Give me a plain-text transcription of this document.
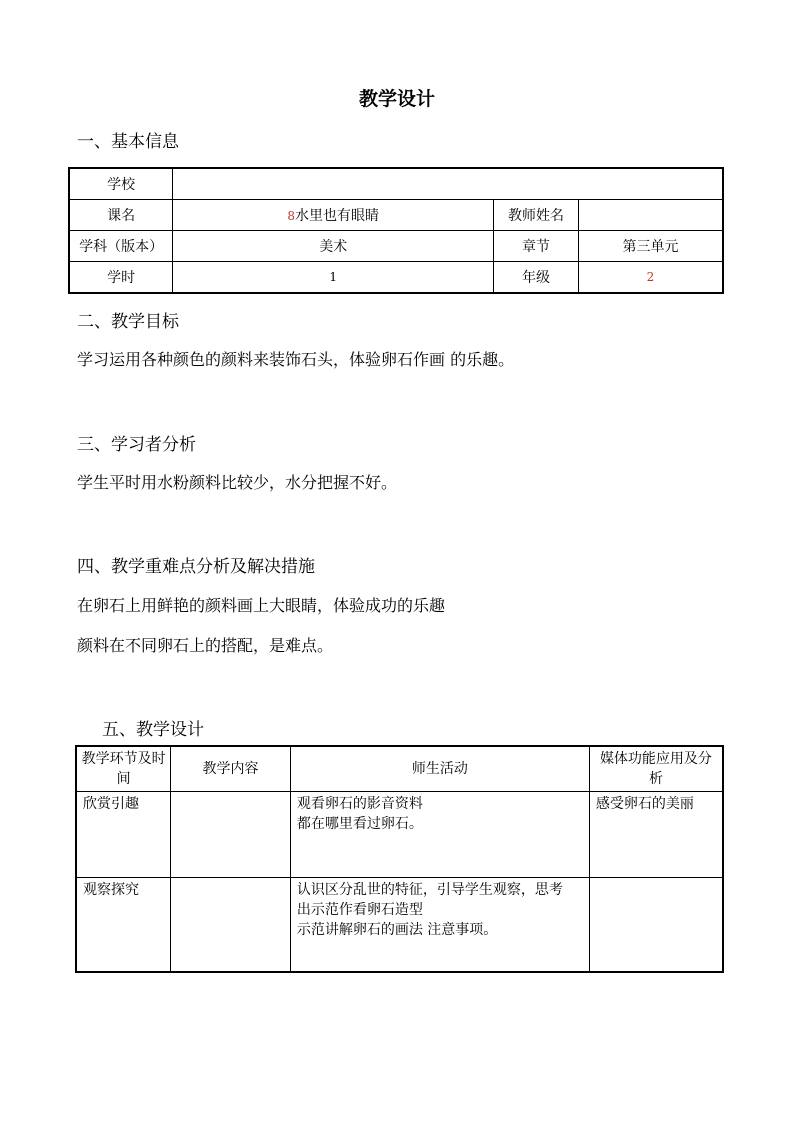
教学设计
一、基本信息
学校			
课名	8水里也有眼睛	教师姓名	
学科（版本）	美术	章节	第三单元
学时	1	年级	2
二、教学目标
学习运用各种颜色的颜料来装饰石头，体验卵石作画 的乐趣。
三、学习者分析
学生平时用水粉颜料比较少，水分把握不好。
四、教学重难点分析及解决措施
在卵石上用鲜艳的颜料画上大眼睛，体验成功的乐趣
颜料在不同卵石上的搭配，是难点。
五、教学设计
教学环节及时间	教学内容	师生活动	媒体功能应用及分析
欣赏引趣		观看卵石的影音资料
都在哪里看过卵石。	感受卵石的美丽
观察探究		认识区分乱世的特征，引导学生观察，思考
出示范作看卵石造型
示范讲解卵石的画法 注意事项。	
